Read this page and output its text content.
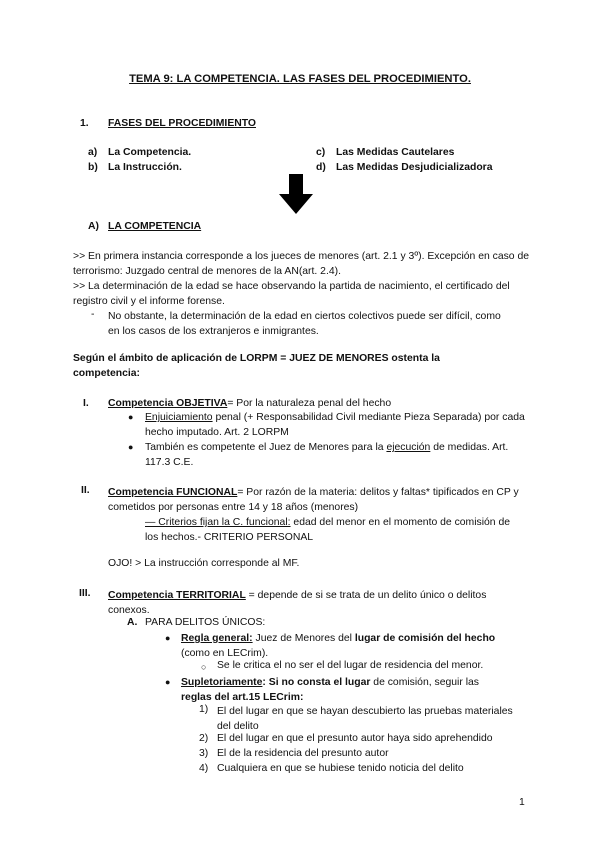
TEMA 9: LA COMPETENCIA. LAS FASES DEL PROCEDIMIENTO.
1. FASES DEL PROCEDIMIENTO
a) La Competencia.
b) La Instrucción.
c) Las Medidas Cautelares
d) Las Medidas Desjudicializadora
A) LA COMPETENCIA
>> En primera instancia corresponde a los jueces de menores (art. 2.1 y 3º). Excepción en caso de terrorismo: Juzgado central de menores de la AN(art. 2.4).
>> La determinación de la edad se hace observando la partida de nacimiento, el certificado del registro civil y el informe forense.
- No obstante, la determinación de la edad en ciertos colectivos puede ser difícil, como en los casos de los extranjeros e inmigrantes.
Según el ámbito de aplicación de LORPM = JUEZ DE MENORES ostenta la competencia:
I. Competencia OBJETIVA= Por la naturaleza penal del hecho
● Enjuiciamiento penal (+ Responsabilidad Civil mediante Pieza Separada) por cada hecho imputado. Art. 2 LORPM
● También es competente el Juez de Menores para la ejecución de medidas. Art. 117.3 C.E.
II. Competencia FUNCIONAL= Por razón de la materia: delitos y faltas* tipificados en CP y cometidos por personas entre 14 y 18 años (menores)
— Criterios fijan la C. funcional: edad del menor en el momento de comisión de los hechos.- CRITERIO PERSONAL
OJO! > La instrucción corresponde al MF.
III. Competencia TERRITORIAL = depende de si se trata de un delito único o delitos conexos.
A. PARA DELITOS ÚNICOS:
● Regla general: Juez de Menores del lugar de comisión del hecho (como en LECrim).
○ Se le critica el no ser el del lugar de residencia del menor.
● Supletoriamente: Si no consta el lugar de comisión, seguir las reglas del art.15 LECrim:
1) El del lugar en que se hayan descubierto las pruebas materiales del delito
2) El del lugar en que el presunto autor haya sido aprehendido
3) El de la residencia del presunto autor
4) Cualquiera en que se hubiese tenido noticia del delito
1
